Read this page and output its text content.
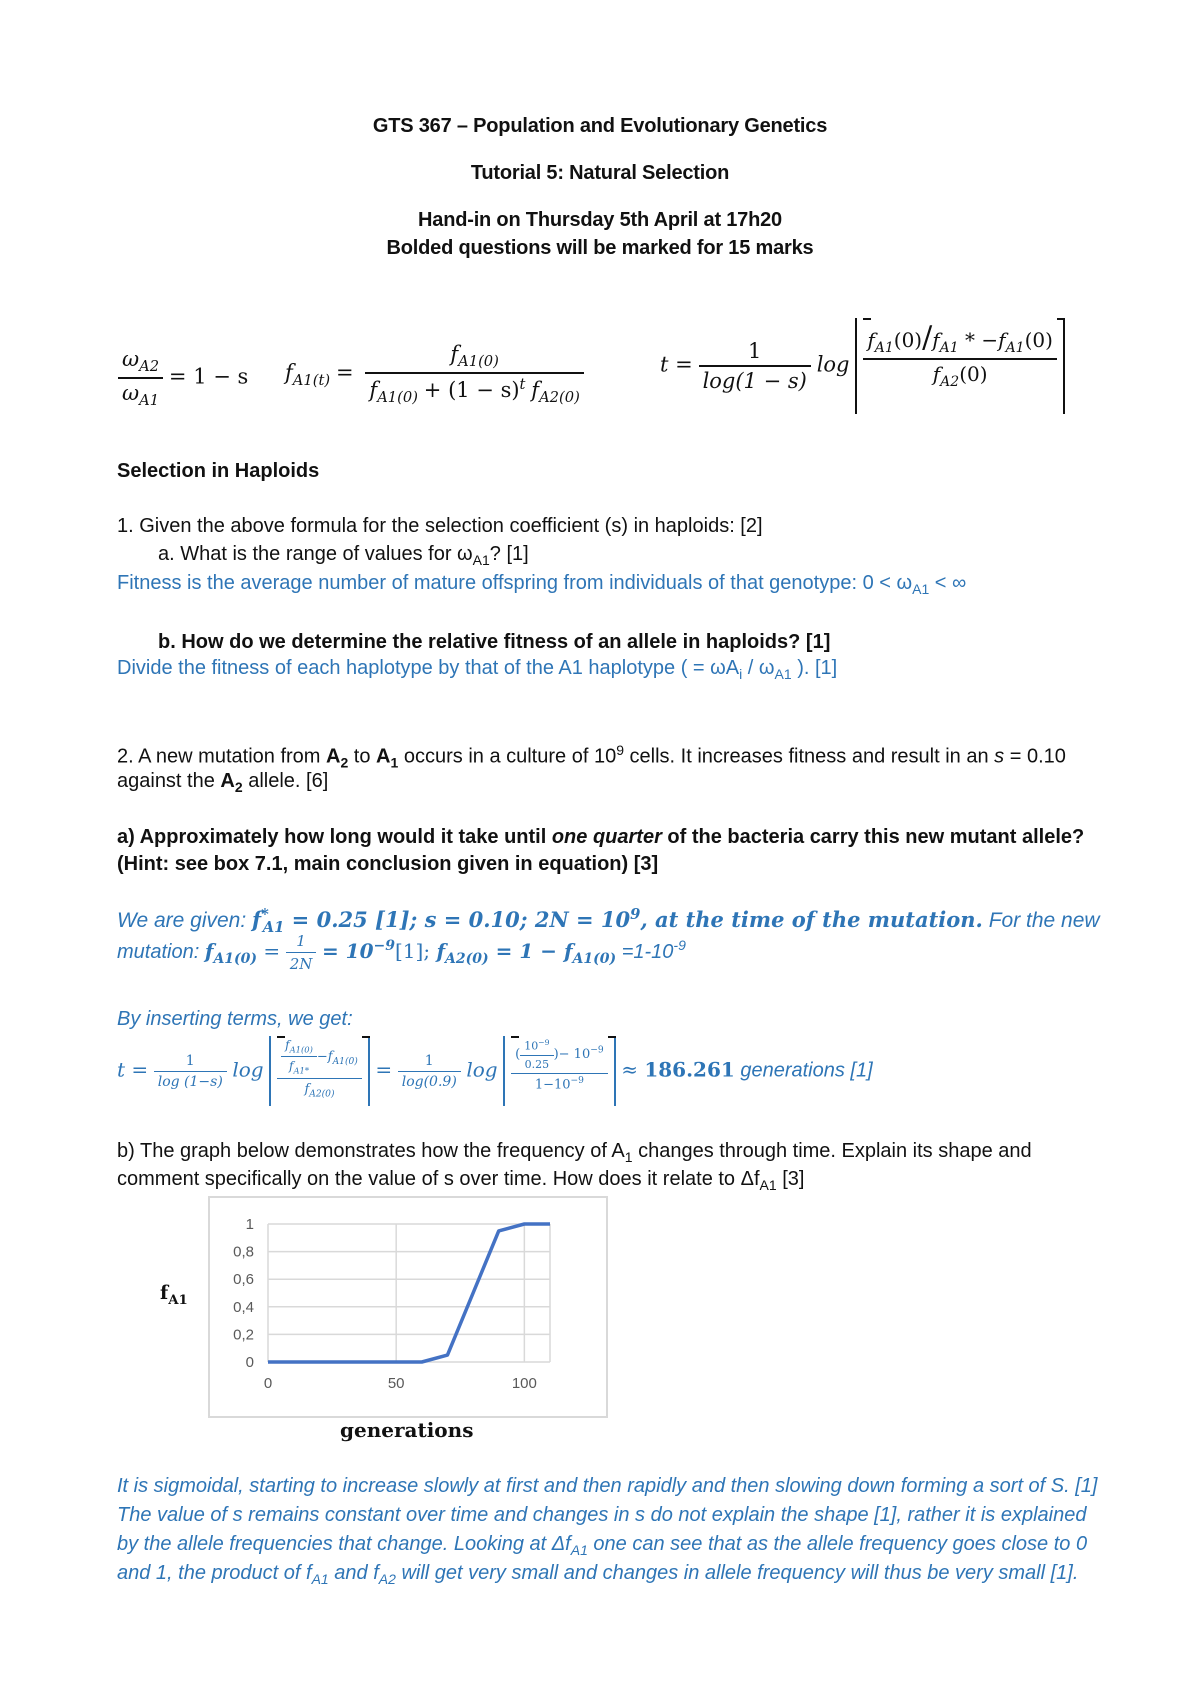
GTS 367 – Population and Evolutionary Genetics
Tutorial 5: Natural Selection
Hand-in on Thursday 5th April at 17h20
Bolded questions will be marked for 15 marks
$\frac{\omega_{A2}}{\omega_{A1}} = 1 - s$ $f_{A1(t)} = \frac{f_{A1(0)}}{f_{A1(0)} + (1 - s)^t f_{A2(0)}}$	$t = \frac{1}{\log(1 - s)}$ $\log \frac{f_{A1}(0)/f_{A1} * -f_{A1}(0)}{f_{A2}(0)}$
Selection in Haploids
1. Given the above formula for the selection coefficient (s) in haploids: [2]
a. What is the range of values for $\omega_{A1}$? [1]
Fitness is the average number of mature offspring from individuals of that genotype: $0 < \omega_{A1}$ < ∞
b. How do we determine the relative fitness of an allele in haploids? [1]
Divide the fitness of each haplotype by that of the A1 haplotype ( = $\omega A_i / \omega_{A1}$ ). [1]
2. A new mutation from $A_2$ to $A_1$ occurs in a culture of $10^9$ cells. It increases fitness and result in an s = 0.10
against the $A_2$ allele. [6]
a) Approximately how long would it take until one quarter of the bacteria carry this new mutant allele?
(Hint: see box 7.1, main conclusion given in equation) [3]
We are given: $f^*_{A1} = 0.25$ [1]; s = 0.10; $2N = 10^9$, at the time of the mutation. For the new
mutation: $f_{A1(0)} = \frac{1}{2N} = 10^{-9}[1]$; $f_{A2(0)} = 1 - f_{A1(0)} =1-10^{-9}$
By inserting terms, we get:
$t = \frac{1}{\log (1-s)}$ $\log \frac{\frac{f_{A1(0)}}{f_{A1*}} -f_{A1(0)}}{f_{A2(0)}} = \frac{1}{\log(0.9)}$ $\log \frac{( \frac{10^{-9}}{0.25} )- 10^{-9}}{1-10^{-9}} \approx 186.261$ generations [1]
b) The graph below demonstrates how the frequency of $A_1$ changes through time. Explain its shape and
comment specifically on the value of s over time. How does it relate to $\Delta f_{A1}$ [3]
0
0,2
0,4
0,6
0,8
1
0	50	100
$f_{A1}$
generations
It is sigmoidal, starting to increase slowly at first and then rapidly and then slowing down forming a sort of S. [1]
The value of s remains constant over time and changes in s do not explain the shape [1], rather it is explained
by the allele frequencies that change. Looking at $\Delta f_{A1}$ one can see that as the allele frequency goes close to 0
and 1, the product of $f_{A1}$ and $f_{A2}$ will get very small and changes in allele frequency will thus be very small [1].
